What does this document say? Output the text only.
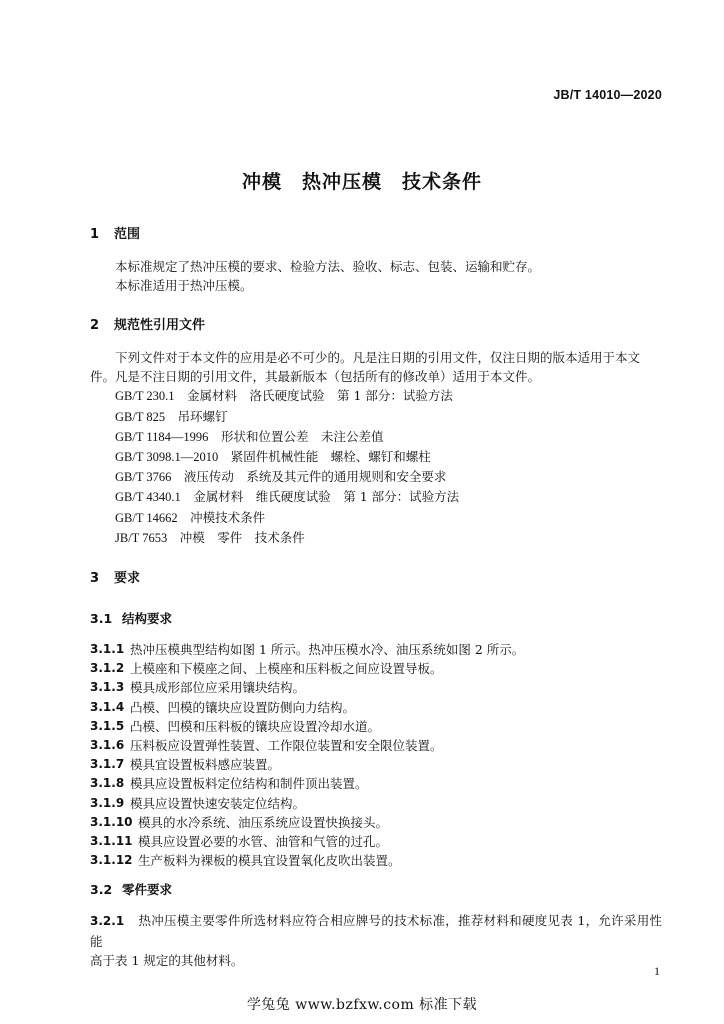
JB/T 14010—2020
冲模　热冲压模　技术条件
1	范围
本标准规定了热冲压模的要求、检验方法、验收、标志、包装、运输和贮存。
本标准适用于热冲压模。
2	规范性引用文件
下列文件对于本文件的应用是必不可少的。凡是注日期的引用文件，仅注日期的版本适用于本文
件。凡是不注日期的引用文件，其最新版本（包括所有的修改单）适用于本文件。
GB/T 230.1　 金属材料　洛氏硬度试验　第 1 部分：试验方法
GB/T 825　 吊环螺钉
GB/T 1184—1996　 形状和位置公差　未注公差值
GB/T 3098.1—2010　 紧固件机械性能　螺栓、螺钉和螺柱
GB/T 3766　 液压传动　系统及其元件的通用规则和安全要求
GB/T 4340.1　 金属材料　维氏硬度试验　第 1 部分：试验方法
GB/T 14662　 冲模技术条件
JB/T 7653　 冲模　零件　技术条件
3	要求
3.1 结构要求
3.1.1 热冲压模典型结构如图 1 所示。热冲压模水冷、油压系统如图 2 所示。
3.1.2 上模座和下模座之间、上模座和压料板之间应设置导板。
3.1.3 模具成形部位应采用镶块结构。
3.1.4 凸模、凹模的镶块应设置防侧向力结构。
3.1.5 凸模、凹模和压料板的镶块应设置冷却水道。
3.1.6 压料板应设置弹性装置、工作限位装置和安全限位装置。
3.1.7 模具宜设置板料感应装置。
3.1.8 模具应设置板料定位结构和制件顶出装置。
3.1.9 模具应设置快速安装定位结构。
3.1.10 模具的水冷系统、油压系统应设置快换接头。
3.1.11 模具应设置必要的水管、油管和气管的过孔。
3.1.12 生产板料为裸板的模具宜设置氧化皮吹出装置。
3.2 零件要求
3.2.1 热冲压模主要零件所选材料应符合相应牌号的技术标准，推荐材料和硬度见表 1，允许采用性能
高于表 1 规定的其他材料。
1
学兔兔 www.bzfxw.com 标准下载
